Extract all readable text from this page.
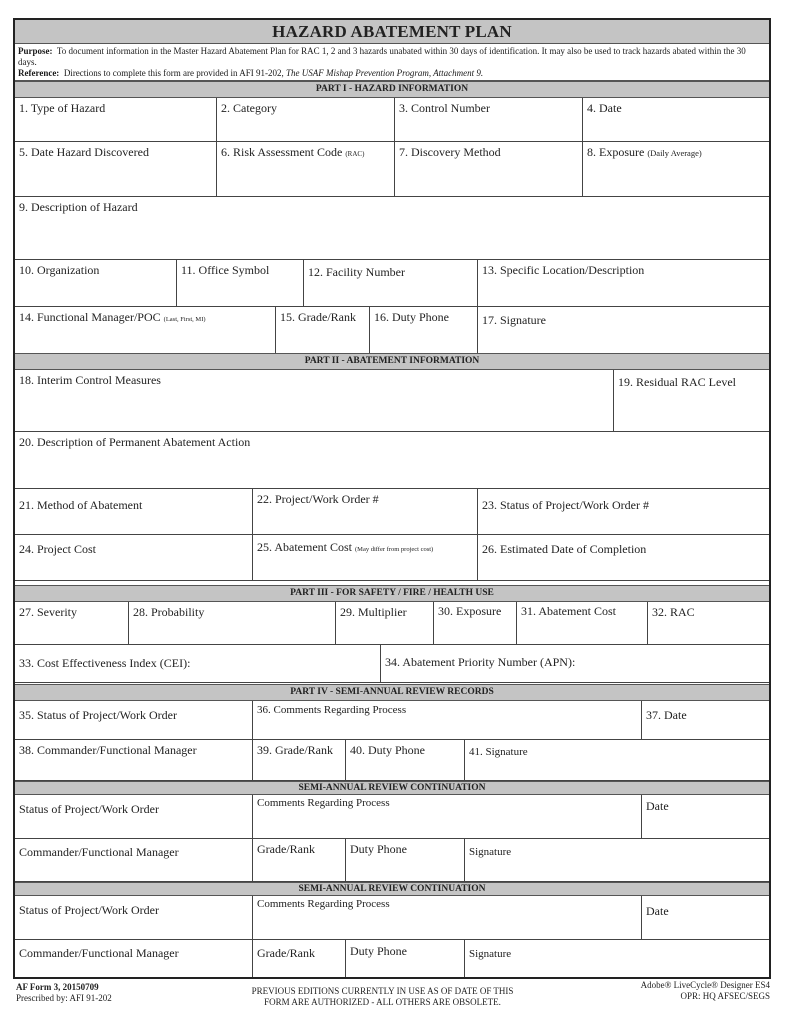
HAZARD ABATEMENT PLAN
Purpose: To document information in the Master Hazard Abatement Plan for RAC 1, 2 and 3 hazards unabated within 30 days of identification. It may also be used to track hazards abated within the 30 days.
Reference: Directions to complete this form are provided in AFI 91-202, The USAF Mishap Prevention Program, Attachment 9.
PART I - HAZARD INFORMATION
1. Type of Hazard	2. Category	3. Control Number	4. Date
5. Date Hazard Discovered	6. Risk Assessment Code (RAC)	7. Discovery Method	8. Exposure (Daily Average)
9. Description of Hazard
10. Organization	11. Office Symbol	12. Facility Number	13. Specific Location/Description
14. Functional Manager/POC (Last, First, MI)	15. Grade/Rank	16. Duty Phone	17. Signature
PART II - ABATEMENT INFORMATION
18. Interim Control Measures	19. Residual RAC Level
20. Description of Permanent Abatement Action
21. Method of Abatement	22. Project/Work Order #	23. Status of Project/Work Order #
24. Project Cost	25. Abatement Cost (May differ from project cost)	26. Estimated Date of Completion
PART III - FOR SAFETY / FIRE / HEALTH USE
27. Severity	28. Probability	29. Multiplier	30. Exposure	31. Abatement Cost	32. RAC
33. Cost Effectiveness Index (CEI):	34. Abatement Priority Number (APN):
PART IV - SEMI-ANNUAL REVIEW RECORDS
35. Status of Project/Work Order	36. Comments Regarding Process	37. Date
38. Commander/Functional Manager	39. Grade/Rank	40. Duty Phone	41. Signature
SEMI-ANNUAL REVIEW CONTINUATION
Status of Project/Work Order	Comments Regarding Process	Date
Commander/Functional Manager	Grade/Rank	Duty Phone	Signature
SEMI-ANNUAL REVIEW CONTINUATION
Status of Project/Work Order	Comments Regarding Process	Date
Commander/Functional Manager	Grade/Rank	Duty Phone	Signature
AF Form 3, 20150709
Prescribed by: AFI 91-202
PREVIOUS EDITIONS CURRENTLY IN USE AS OF DATE OF THIS
FORM ARE AUTHORIZED - ALL OTHERS ARE OBSOLETE.
Adobe® LiveCycle® Designer ES4
OPR: HQ AFSEC/SEGS
